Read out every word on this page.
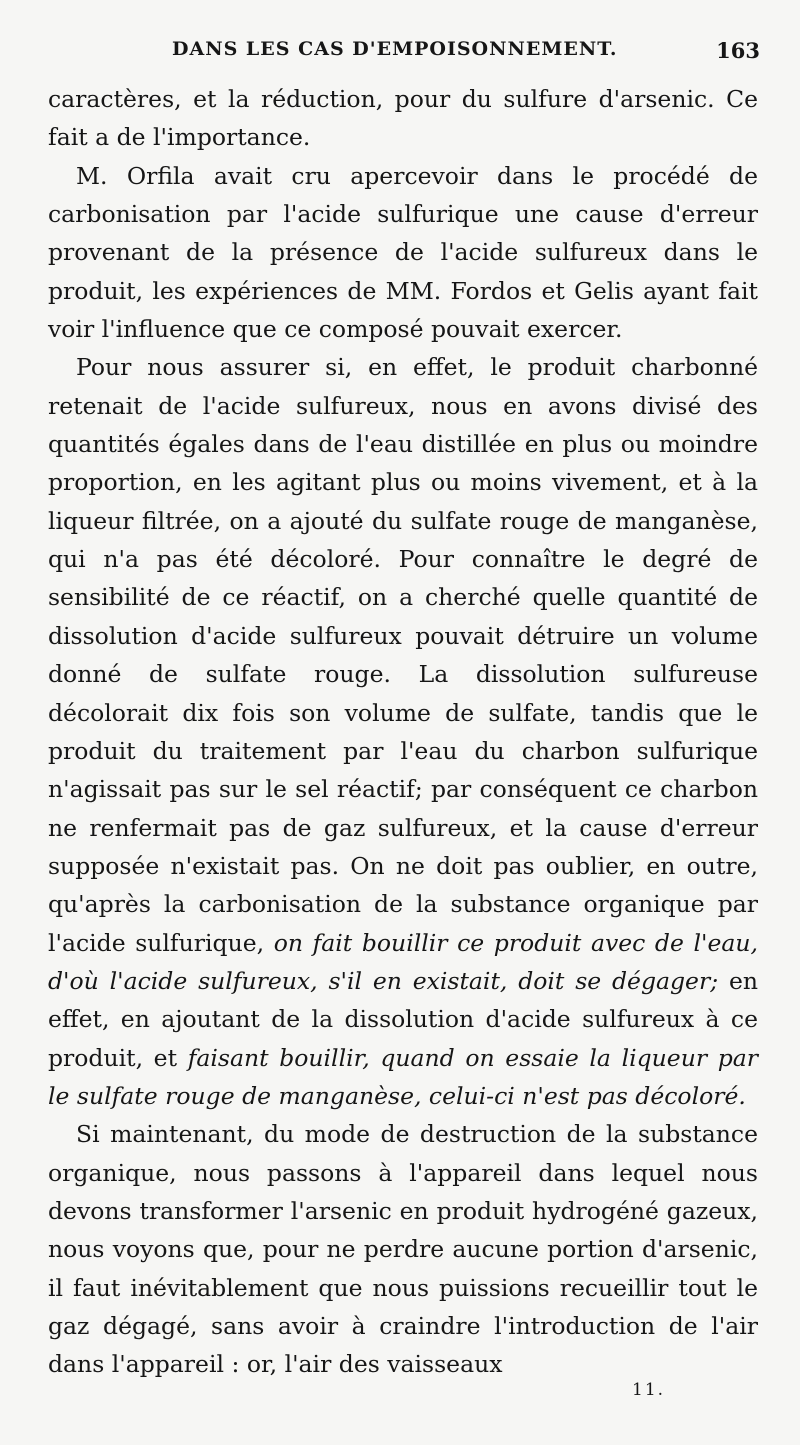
DANS LES CAS D'EMPOISONNEMENT.	163

caractères, et la réduction, pour du sulfure d'arsenic. Ce fait a de l'importance.

M. Orfila avait cru apercevoir dans le procédé de carbonisation par l'acide sulfurique une cause d'erreur provenant de la présence de l'acide sulfureux dans le produit, les expériences de MM. Fordos et Gelis ayant fait voir l'influence que ce composé pouvait exercer.

Pour nous assurer si, en effet, le produit charbonné retenait de l'acide sulfureux, nous en avons divisé des quantités égales dans de l'eau distillée en plus ou moindre proportion, en les agitant plus ou moins vivement, et à la liqueur filtrée, on a ajouté du sulfate rouge de manganèse, qui n'a pas été décoloré. Pour connaître le degré de sensibilité de ce réactif, on a cherché quelle quantité de dissolution d'acide sulfureux pouvait détruire un volume donné de sulfate rouge. La dissolution sulfureuse décolorait dix fois son volume de sulfate, tandis que le produit du traitement par l'eau du charbon sulfurique n'agissait pas sur le sel réactif; par conséquent ce charbon ne renfermait pas de gaz sulfureux, et la cause d'erreur supposée n'existait pas. On ne doit pas oublier, en outre, qu'après la carbonisation de la substance organique par l'acide sulfurique, on fait bouillir ce produit avec de l'eau, d'où l'acide sulfureux, s'il en existait, doit se dégager; en effet, en ajoutant de la dissolution d'acide sulfureux à ce produit, et faisant bouillir, quand on essaie la liqueur par le sulfate rouge de manganèse, celui-ci n'est pas décoloré.

Si maintenant, du mode de destruction de la substance organique, nous passons à l'appareil dans lequel nous devons transformer l'arsenic en produit hydrogéné gazeux, nous voyons que, pour ne perdre aucune portion d'arsenic, il faut inévitablement que nous puissions recueillir tout le gaz dégagé, sans avoir à craindre l'introduction de l'air dans l'appareil : or, l'air des vaisseaux

11.
